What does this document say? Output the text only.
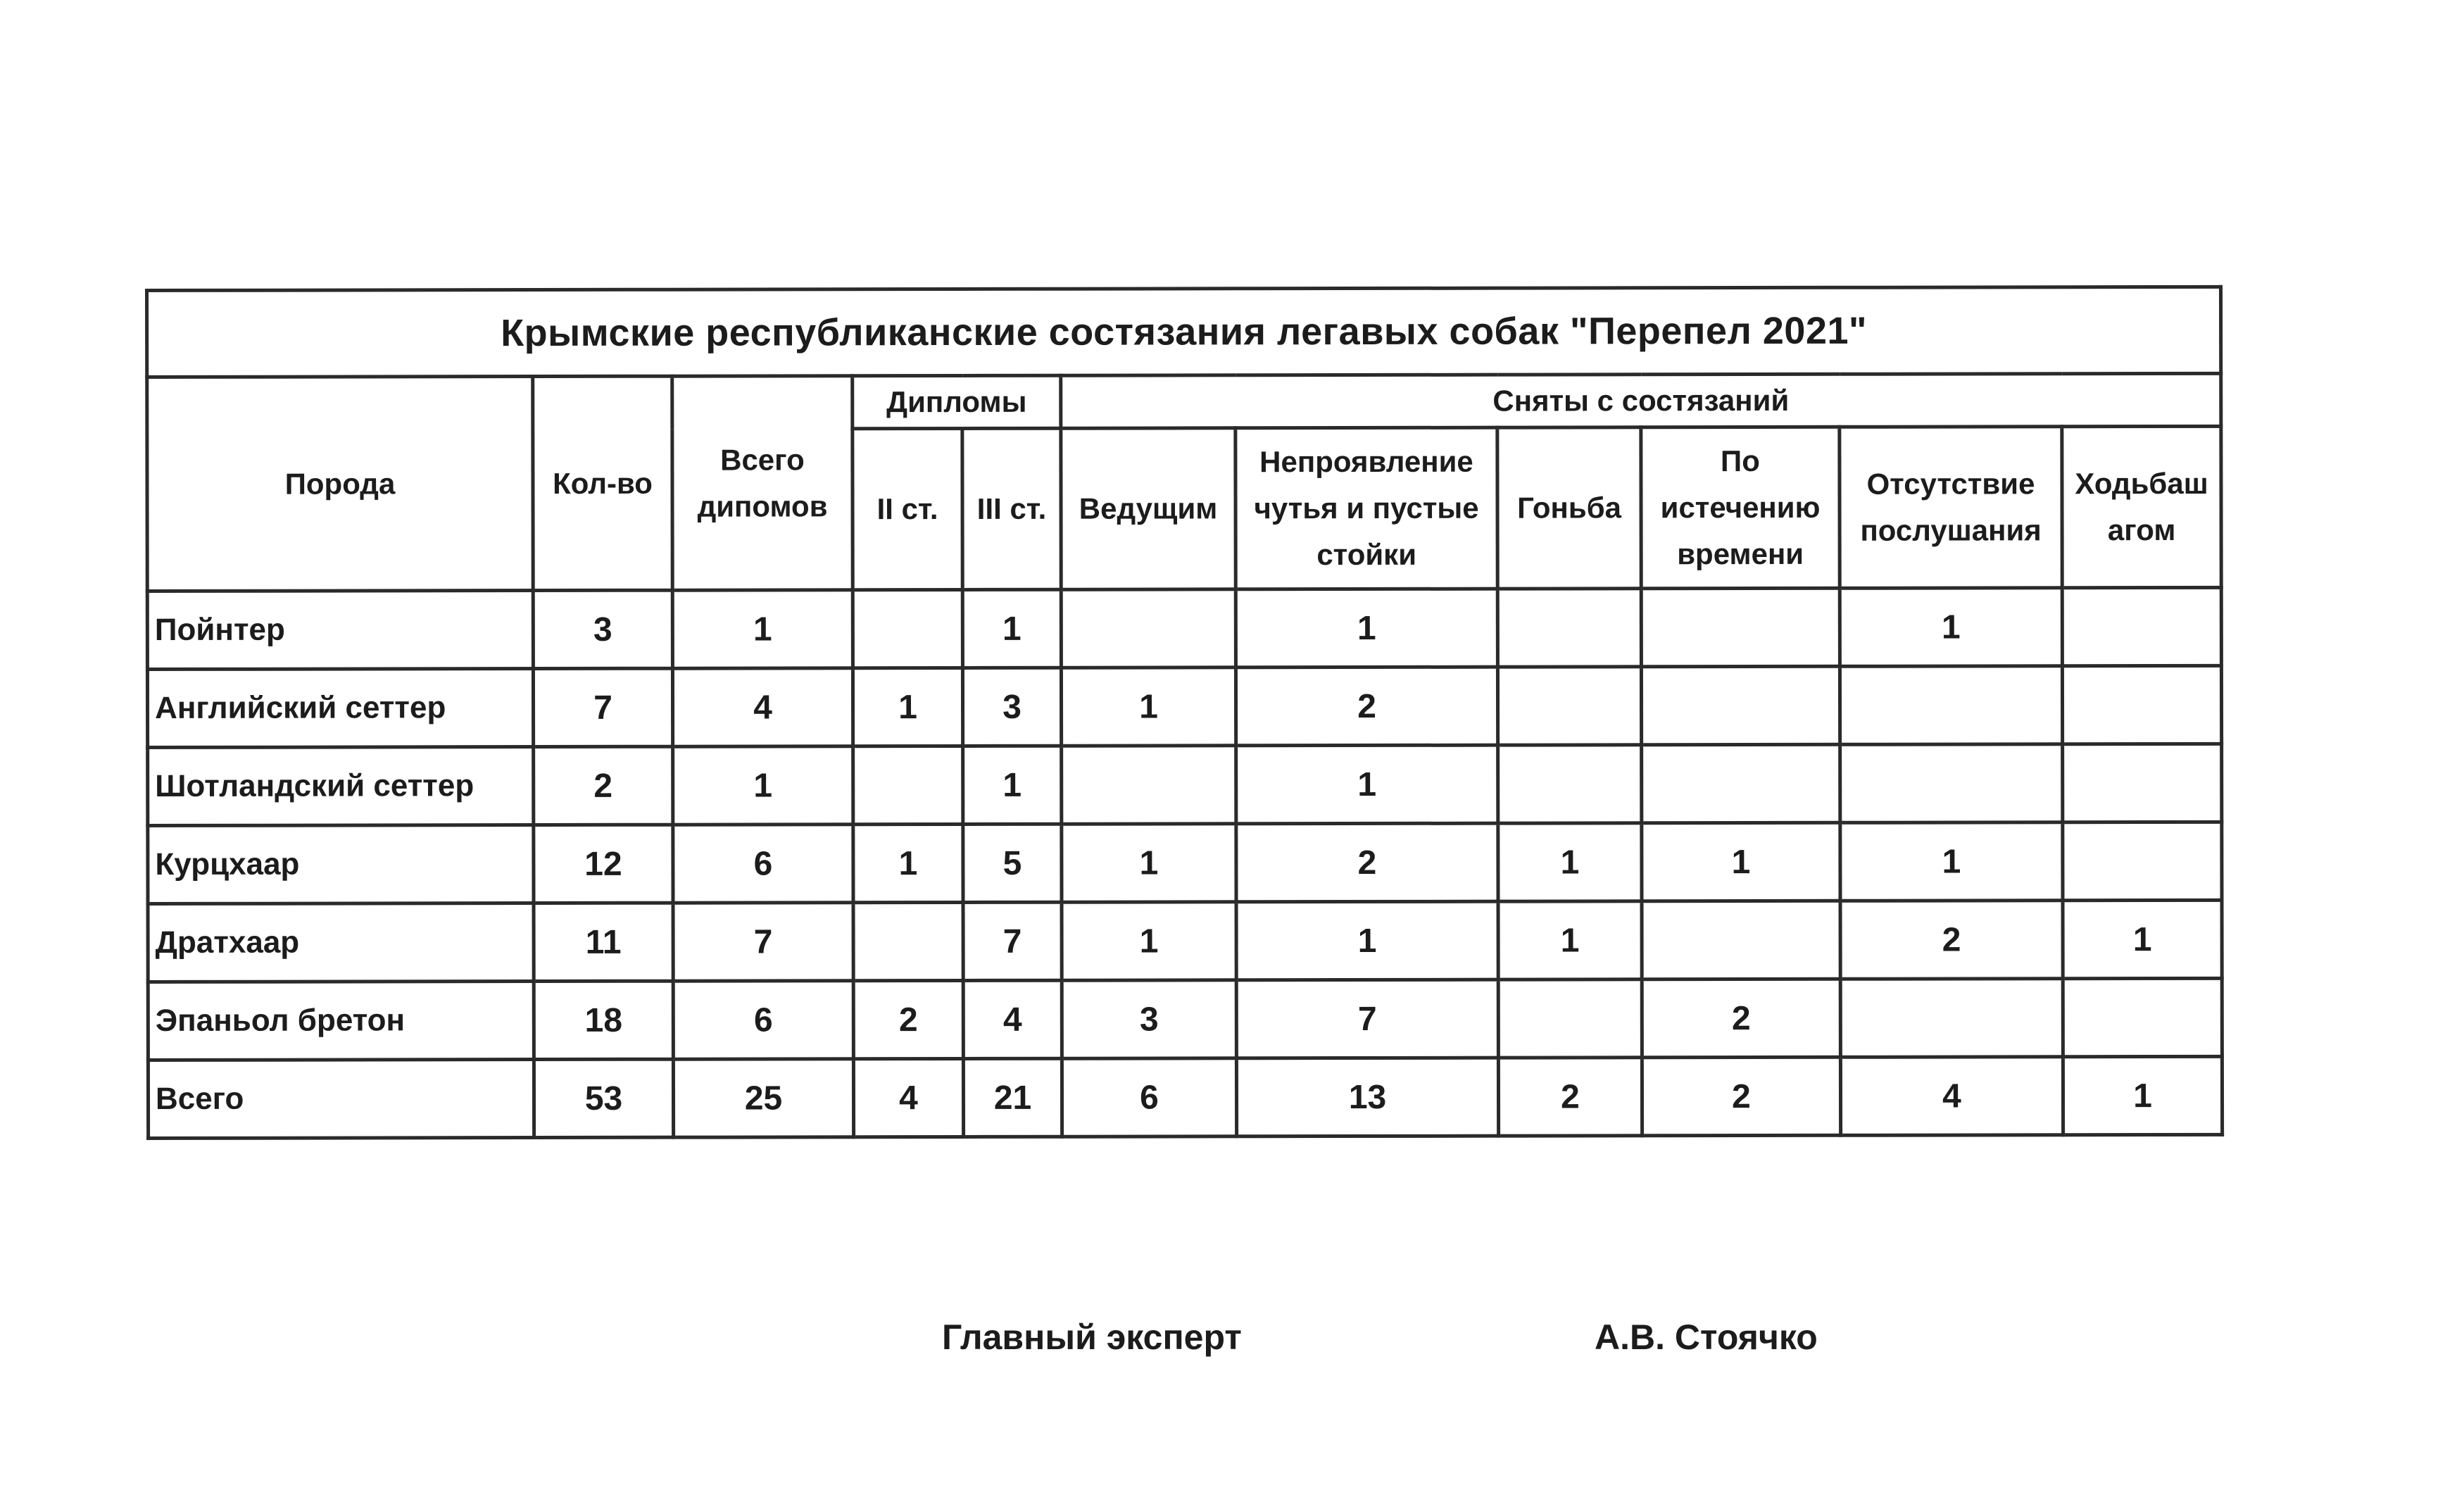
Крымские республиканские состязания легавых собак "Перепел 2021"										
Порода	Кол-во	Всего дипомов	Дипломы		Сняты с состязаний					
			II ст.	III ст.	Ведущим	Непроявление чутья и пустые стойки	Гоньба	По истечению времени	Отсутствие послушания	Ходьбаш агом
Пойнтер	3	1		1		1			1	
Английский сеттер	7	4	1	3	1	2				
Шотландский сеттер	2	1		1		1				
Курцхаар	12	6	1	5	1	2	1	1	1	
Дратхаар	11	7		7	1	1	1		2	1
Эпаньол бретон	18	6	2	4	3	7		2		
Всего	53	25	4	21	6	13	2	2	4	1
Главный эксперт	А.В. Стоячко
